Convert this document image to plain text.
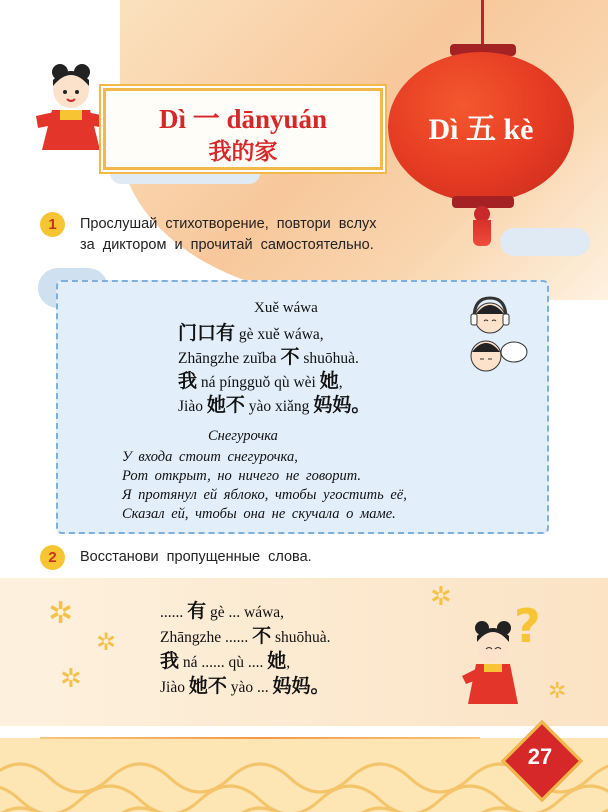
Dì 一 dānyuán
我的家
Dì 五 kè
1	Прослушай стихотворение, повтори вслух
за диктором и прочитай самостоятельно.
Xuě wáwa
门口有 gè xuě wáwa,
Zhāngzhe zuǐba 不 shuōhuà.
我 ná píngguǒ qù wèi 她,
Jiào 她不 yào xiǎng 妈妈。
Снегурочка
У входа стоит снегурочка,
Рот открыт, но ничего не говорит.
Я протянул ей яблоко, чтобы угостить её,
Сказал ей, чтобы она не скучала о маме.
2	Восстанови пропущенные слова.
...... 有 gè ... wáwa,
Zhāngzhe ...... 不 shuōhuà.
我 ná ...... qù .... 她,
Jiào 她不 yào ... 妈妈。
✲
✲
✲
✲
✲
?
27
